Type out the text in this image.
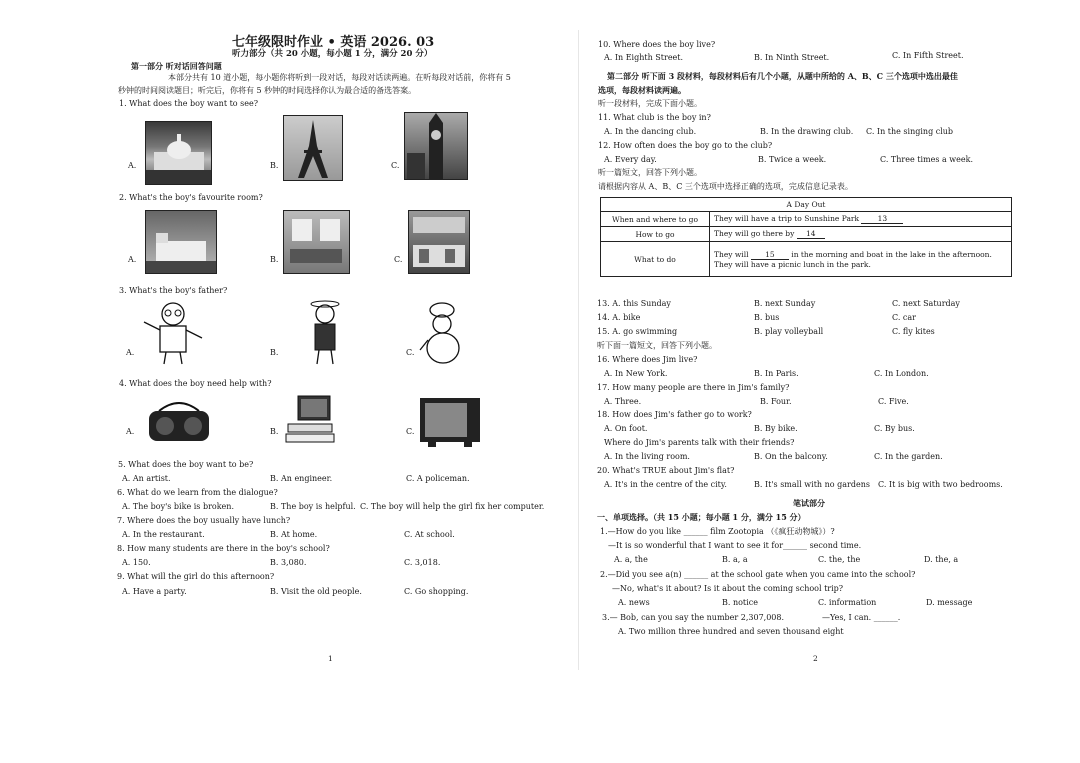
七年级限时作业 • 英语 2026. 03
听力部分（共 20 小题，每小题 1 分，满分 20 分）
第一部分 听对话回答问题
本部分共有 10 道小题，每小题你将听到一段对话，每段对话读两遍。在听每段对话前，你将有 5
秒钟的时间阅读题目；听完后，你将有 5 秒钟的时间选择你认为最合适的备选答案。
1. What does the boy want to see?
A.	B.	C.
2. What's the boy's favourite room?
A.	B.	C.
3. What's the boy's father?
A.	B.	C.
4. What does the boy need help with?
A.	B.	C.
5. What does the boy want to be?
A. An artist.	B. An engineer.	C. A policeman.
6. What do we learn from the dialogue?
A. The boy's bike is broken.	B. The boy is helpful. C. The boy will help the girl fix her computer.
7. Where does the boy usually have lunch?
A. In the restaurant.	B. At home.	C. At school.
8. How many students are there in the boy's school?
A. 150.	B. 3,080.	C. 3,018.
9. What will the girl do this afternoon?
A. Have a party.	B. Visit the old people.	C. Go shopping.
1
10. Where does the boy live?
A. In Eighth Street.	B. In Ninth Street.	C. In Fifth Street.
第二部分 听下面 3 段材料，每段材料后有几个小题，从题中所给的 A、B、C 三个选项中选出最佳
选项，每段材料读两遍。
听一段材料，完成下面小题。
11. What club is the boy in?
A. In the dancing club.	B. In the drawing club. C. In the singing club
12. How often does the boy go to the club?
A. Every day.	B. Twice a week.	C. Three times a week.
听一篇短文，回答下列小题。
请根据内容从 A、B、C 三个选项中选择正确的选项，完成信息记录表。
A Day Out	
When and where to go	They will have a trip to Sunshine Park 13
How to go	They will go there by 14
What to do	They will 15 in the morning and boat in the lake in the afternoon.
They will have a picnic lunch in the park.
13. A. this Sunday	B. next Sunday	C. next Saturday
14. A. bike	B. bus	C. car
15. A. go swimming	B. play volleyball	C. fly kites
听下面一篇短文，回答下列小题。
16. Where does Jim live?
A. In New York.	B. In Paris.	C. In London.
17. How many people are there in Jim's family?
A. Three.	B. Four.	C. Five.
18. How does Jim's father go to work?
A. On foot.	B. By bike.	C. By bus.
Where do Jim's parents talk with their friends?
A. In the living room.	B. On the balcony.	C. In the garden.
20. What's TRUE about Jim's flat?
A. It's in the centre of the city.	B. It's small with no gardens C. It is big with two bedrooms.
笔试部分
一、单项选择。（共 15 小题；每小题 1 分，满分 15 分）
1.—How do you like ______ film Zootopia （《疯狂动物城》）?
—It is so wonderful that I want to see it for______ second time.
A. a, the	B. a, a	C. the, the	D. the, a
2.—Did you see a(n) ______ at the school gate when you came into the school?
—No, what's it about? Is it about the coming school trip?
A. news	B. notice	C. information	D. message
3.— Bob, can you say the number 2,307,008.	—Yes, I can. ______.
A. Two million three hundred and seven thousand eight
2
